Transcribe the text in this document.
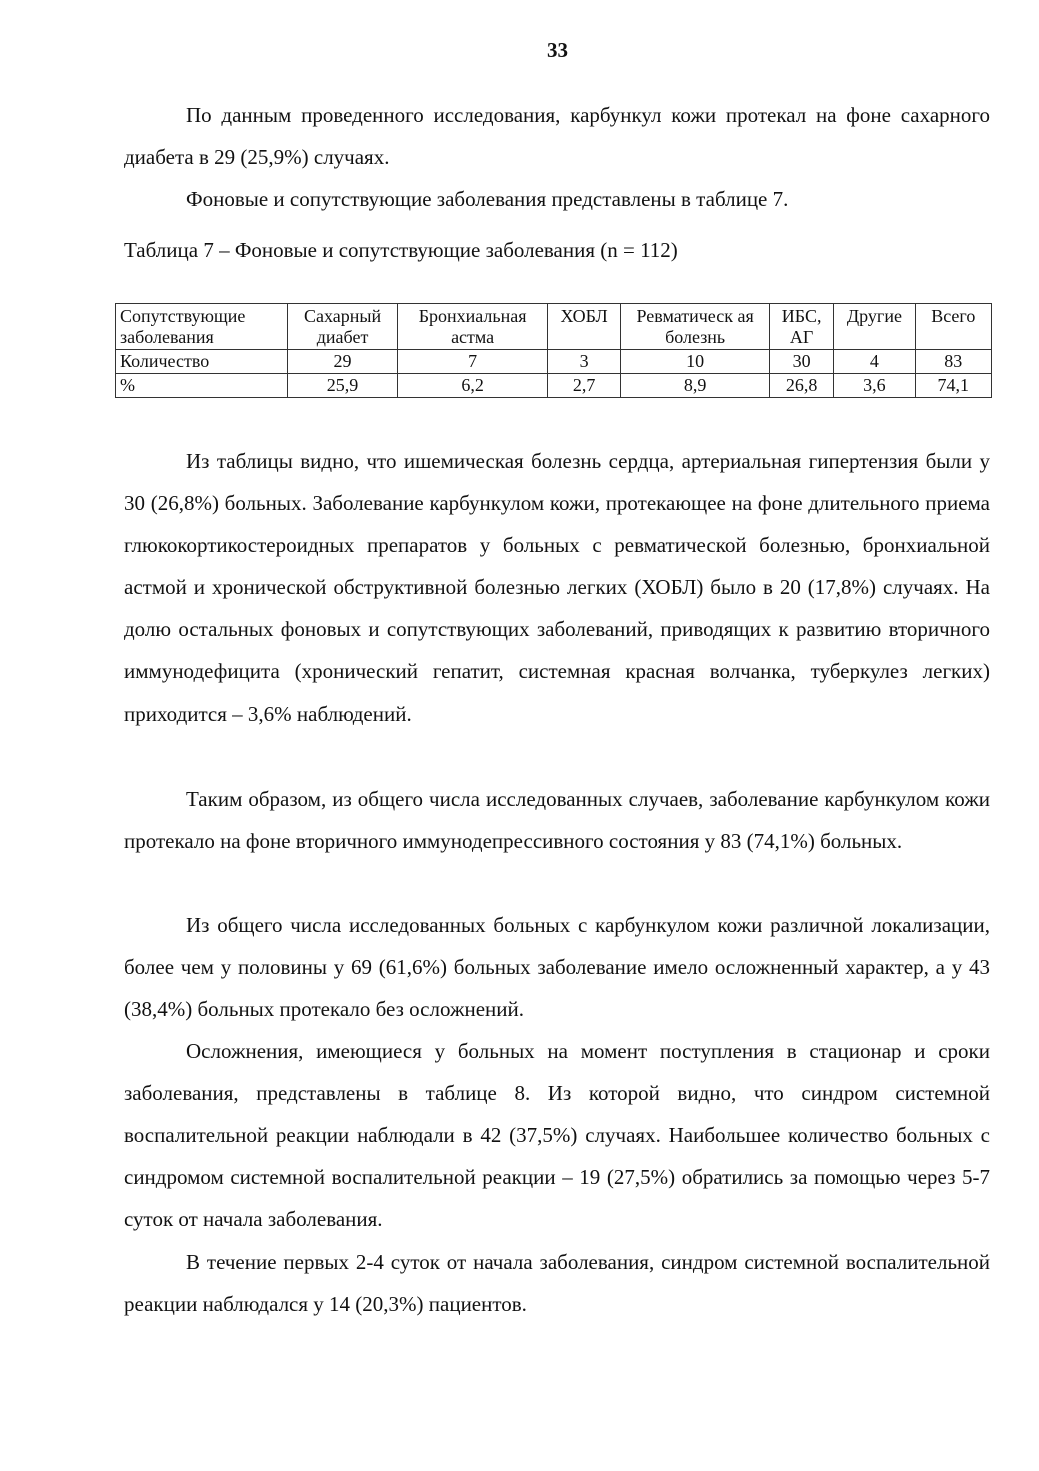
33

По данным проведенного исследования, карбункул кожи протекал на фоне сахарного диабета в 29 (25,9%) случаях.

Фоновые и сопутствующие заболевания представлены в таблице 7.

Таблица 7 – Фоновые и сопутствующие заболевания (n = 112)

Сопутствующие заболевания	Сахарный диабет	Бронхиальная астма	ХОБЛ	Ревматическ ая болезнь	ИБС, АГ	Другие	Всего
Количество	29	7	3	10	30	4	83
%	25,9	6,2	2,7	8,9	26,8	3,6	74,1

Из таблицы видно, что ишемическая болезнь сердца, артериальная гипертензия были у 30 (26,8%) больных. Заболевание карбункулом кожи, протекающее на фоне длительного приема глюкокортикостероидных препаратов у больных с ревматической болезнью, бронхиальной астмой и хронической обструктивной болезнью легких (ХОБЛ) было в 20 (17,8%) случаях. На долю остальных фоновых и сопутствующих заболеваний, приводящих к развитию вторичного иммунодефицита (хронический гепатит, системная красная волчанка, туберкулез легких) приходится – 3,6% наблюдений.

Таким образом, из общего числа исследованных случаев, заболевание карбункулом кожи протекало на фоне вторичного иммунодепрессивного состояния у 83 (74,1%) больных.

Из общего числа исследованных больных с карбункулом кожи различной локализации, более чем у половины у 69 (61,6%) больных заболевание имело осложненный характер, а у 43 (38,4%) больных протекало без осложнений.

Осложнения, имеющиеся у больных на момент поступления в стационар и сроки заболевания, представлены в таблице 8. Из которой видно, что синдром системной воспалительной реакции наблюдали в 42 (37,5%) случаях. Наибольшее количество больных с синдромом системной воспалительной реакции – 19 (27,5%) обратились за помощью через 5-7 суток от начала заболевания.

В течение первых 2-4 суток от начала заболевания, синдром системной воспалительной реакции наблюдался у 14 (20,3%) пациентов.
